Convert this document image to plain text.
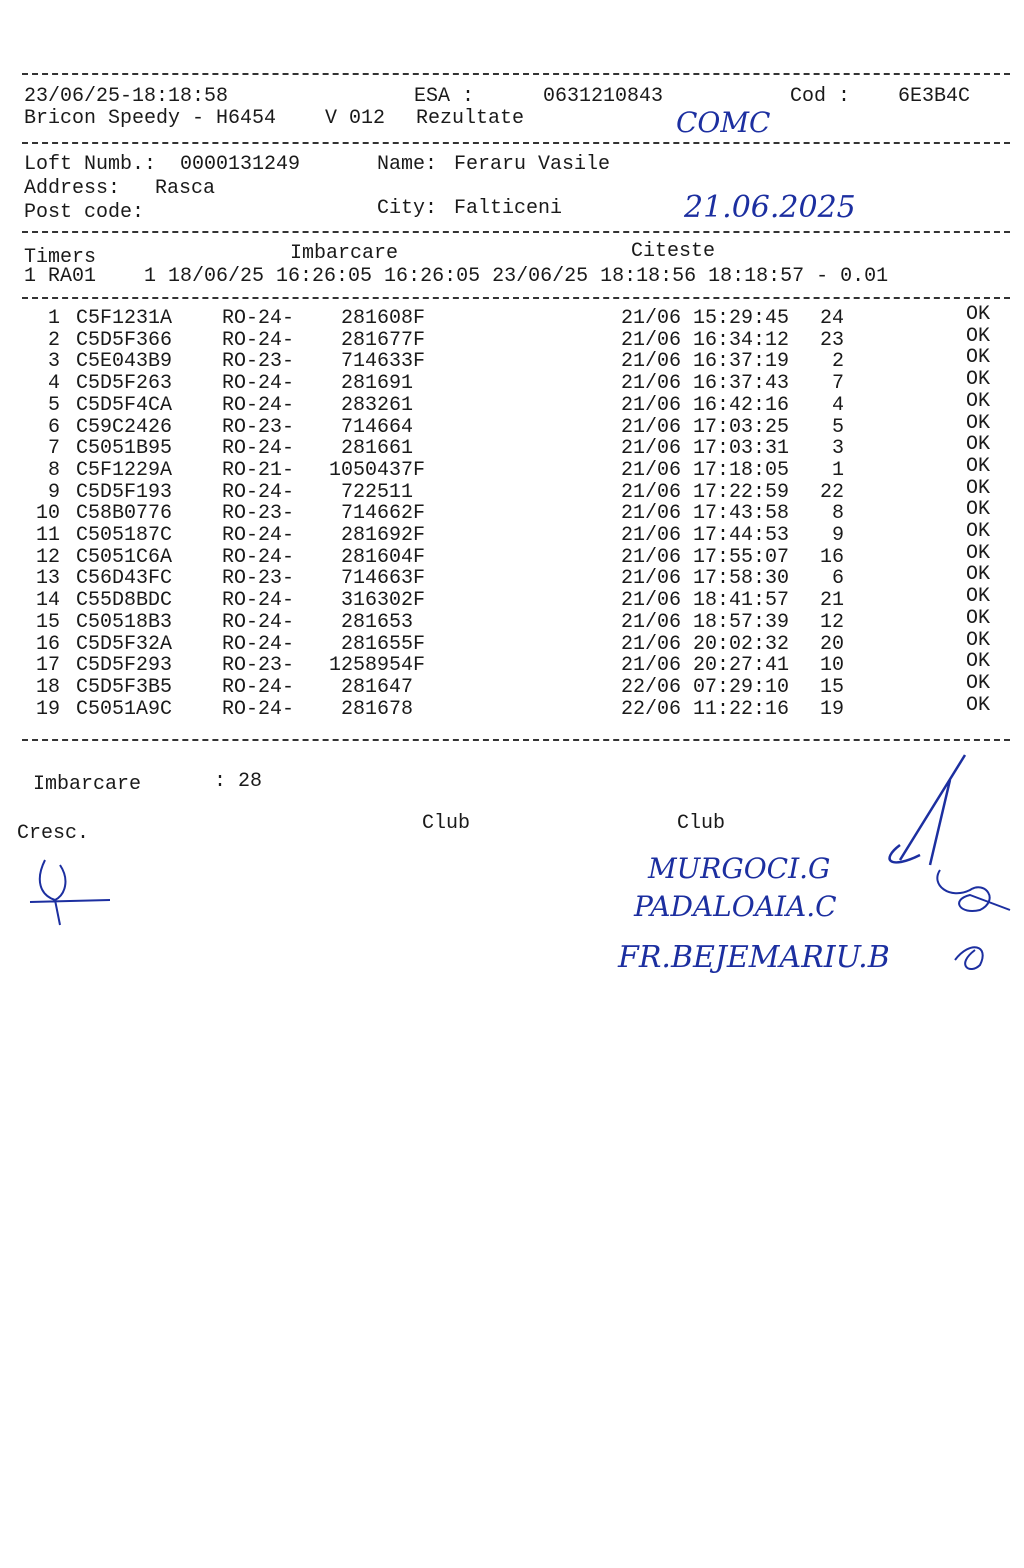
23/06/25-18:18:58	ESA :	0631210843	Cod : 6E3B4C
Bricon Speedy - H6454 V 012 Rezultate	COMC
Loft Numb.: 0000131249	Name: Feraru Vasile
Address: Rasca
Post code:	City: Falticeni	21.06.2025
Timers	Imbarcare	Citeste
1 RA01    1 18/06/25 16:26:05 16:26:05 23/06/25 18:18:56 18:18:57 - 0.01
1 C5F1231A RO-24- 281608F	21/06 15:29:45 24	OK
2 C5D5F366 RO-24- 281677F	21/06 16:34:12 23	OK
3 C5E043B9 RO-23- 714633F	21/06 16:37:19 2	OK
4 C5D5F263 RO-24- 281691	21/06 16:37:43 7	OK
5 C5D5F4CA RO-24- 283261	21/06 16:42:16 4	OK
6 C59C2426 RO-23- 714664	21/06 17:03:25 5	OK
7 C5051B95 RO-24- 281661	21/06 17:03:31 3	OK
8 C5F1229A RO-21- 1050437F	21/06 17:18:05 1	OK
9 C5D5F193 RO-24- 722511	21/06 17:22:59 22	OK
10 C58B0776 RO-23- 714662F	21/06 17:43:58 8	OK
11 C505187C RO-24- 281692F	21/06 17:44:53 9	OK
12 C5051C6A RO-24- 281604F	21/06 17:55:07 16	OK
13 C56D43FC RO-23- 714663F	21/06 17:58:30 6	OK
14 C55D8BDC RO-24- 316302F	21/06 18:41:57 21	OK
15 C50518B3 RO-24- 281653	21/06 18:57:39 12	OK
16 C5D5F32A RO-24- 281655F	21/06 20:02:32 20	OK
17 C5D5F293 RO-23- 1258954F	21/06 20:27:41 10	OK
18 C5D5F3B5 RO-24- 281647	22/06 07:29:10 15	OK
19 C5051A9C RO-24- 281678	22/06 11:22:16 19	OK
Imbarcare	: 28
Cresc.	Club	Club
MURGOCI.G
PADALOAIA.C
FR.BEJEMARIU.B
